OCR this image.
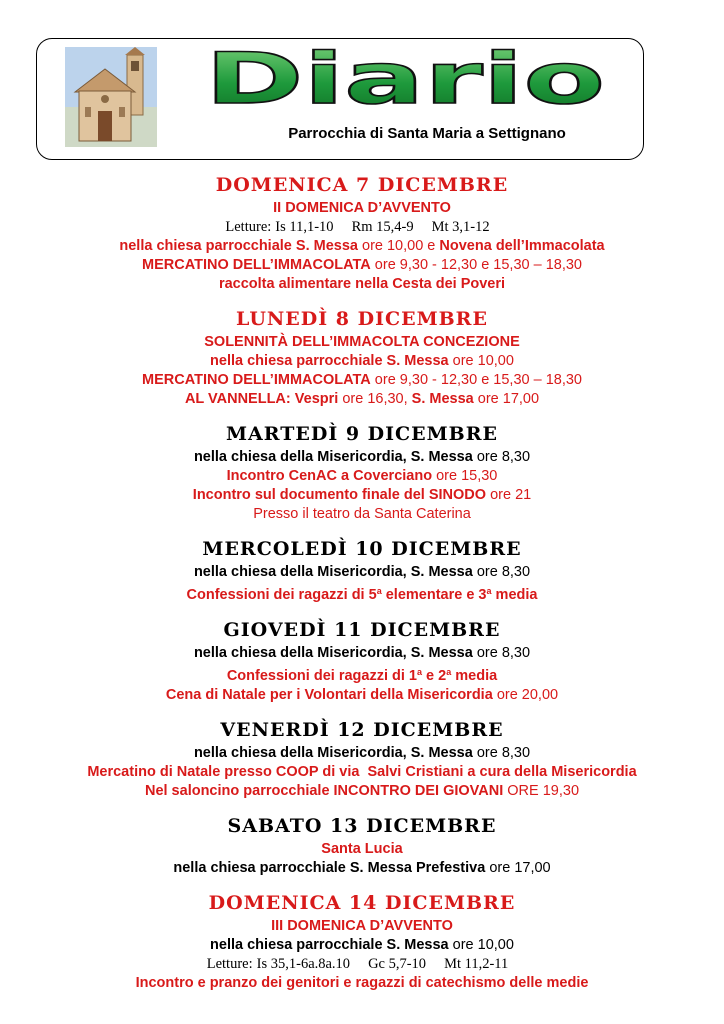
Diario
Parrocchia di Santa Maria a Settignano
DOMENICA 7 DICEMBRE
II DOMENICA D’AVVENTO
Letture: Is 11,1-10 Rm 15,4-9 Mt 3,1-12
nella chiesa parrocchiale S. Messa ore 10,00 e Novena dell’Immacolata
MERCATINO DELL’IMMACOLATA ore 9,30 - 12,30 e 15,30 – 18,30
raccolta alimentare nella Cesta dei Poveri
LUNEDÌ 8 DICEMBRE
SOLENNITÀ DELL’IMMACOLTA CONCEZIONE
nella chiesa parrocchiale S. Messa ore 10,00
MERCATINO DELL’IMMACOLATA ore 9,30 - 12,30 e 15,30 – 18,30
AL VANNELLA: Vespri ore 16,30, S. Messa ore 17,00
MARTEDÌ 9 DICEMBRE
nella chiesa della Misericordia, S. Messa ore 8,30
Incontro CenAC a Coverciano ore 15,30
Incontro sul documento finale del SINODO ore 21
Presso il teatro da Santa Caterina
MERCOLEDÌ 10 DICEMBRE
nella chiesa della Misericordia, S. Messa ore 8,30
Confessioni dei ragazzi di 5$^a$ elementare e 3$^a$ media
GIOVEDÌ 11 DICEMBRE
nella chiesa della Misericordia, S. Messa ore 8,30
Confessioni dei ragazzi di 1$^a$ e 2$^a$ media
Cena di Natale per i Volontari della Misericordia ore 20,00
VENERDÌ 12 DICEMBRE
nella chiesa della Misericordia, S. Messa ore 8,30
Mercatino di Natale presso COOP di via  Salvi Cristiani a cura della Misericordia
Nel saloncino parrocchiale INCONTRO DEI GIOVANI ORE 19,30
SABATO 13 DICEMBRE
Santa Lucia
nella chiesa parrocchiale S. Messa Prefestiva ore 17,00
DOMENICA 14 DICEMBRE
III DOMENICA D’AVVENTO
nella chiesa parrocchiale S. Messa ore 10,00
Letture: Is 35,1-6a.8a.10 Gc 5,7-10 Mt 11,2-11
Incontro e pranzo dei genitori e ragazzi di catechismo delle medie
